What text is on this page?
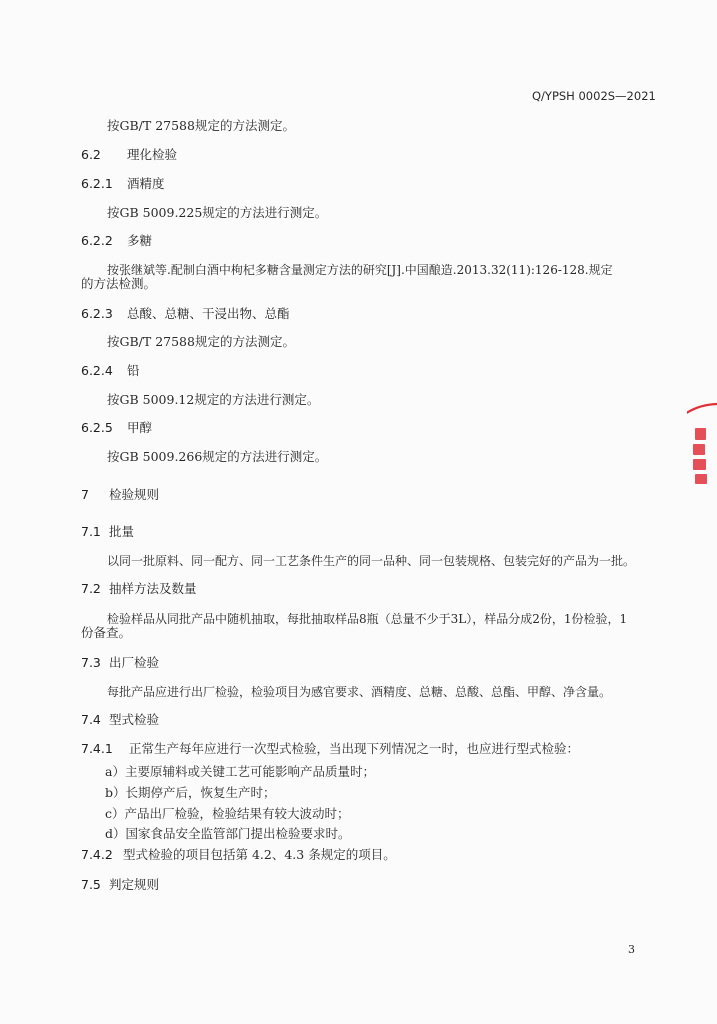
Q/YPSH 0002S—2021
按GB/T 27588规定的方法测定。
6.2 理化检验
6.2.1 酒精度
按GB 5009.225规定的方法进行测定。
6.2.2 多糖
按张继斌等.配制白酒中枸杞多糖含量测定方法的研究[J].中国酿造.2013.32(11):126-128.规定
的方法检测。
6.2.3 总酸、总糖、干浸出物、总酯
按GB/T 27588规定的方法测定。
6.2.4 铅
按GB 5009.12规定的方法进行测定。
6.2.5 甲醇
按GB 5009.266规定的方法进行测定。
7 检验规则
7.1 批量
以同一批原料、同一配方、同一工艺条件生产的同一品种、同一包装规格、包装完好的产品为一批。
7.2 抽样方法及数量
检验样品从同批产品中随机抽取，每批抽取样品8瓶（总量不少于3L），样品分成2份，1份检验，1
份备查。
7.3 出厂检验
每批产品应进行出厂检验，检验项目为感官要求、酒精度、总糖、总酸、总酯、甲醇、净含量。
7.4 型式检验
7.4.1 正常生产每年应进行一次型式检验，当出现下列情况之一时，也应进行型式检验：
a）主要原辅料或关键工艺可能影响产品质量时；
b）长期停产后，恢复生产时；
c）产品出厂检验，检验结果有较大波动时；
d）国家食品安全监管部门提出检验要求时。
7.4.2 型式检验的项目包括第 4.2、4.3 条规定的项目。
7.5 判定规则
3
